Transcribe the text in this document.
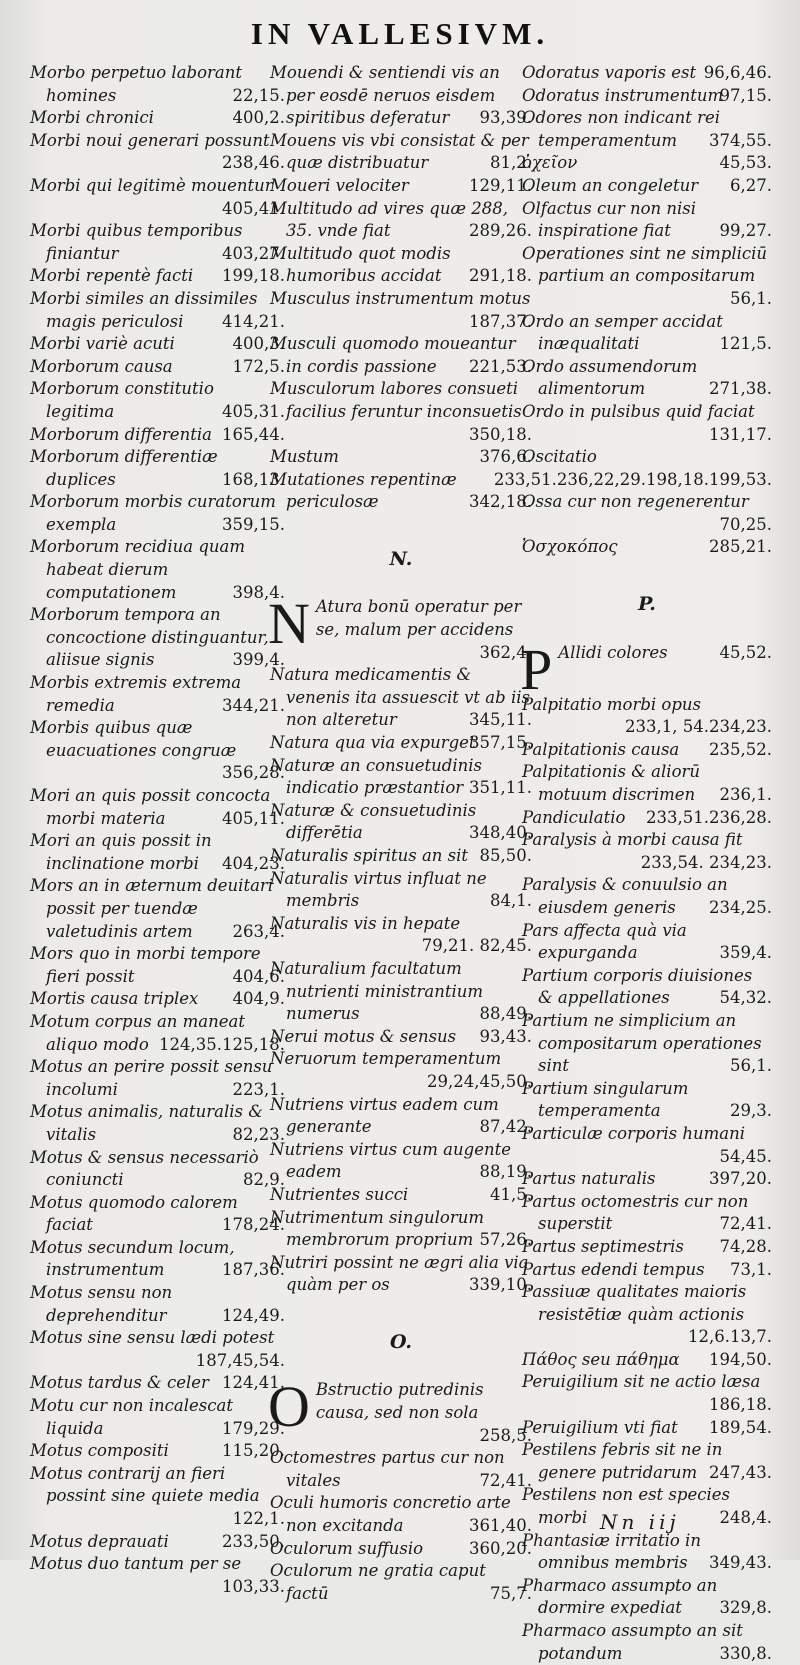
IN VALLESIVM.

Morbo perpetuo laborant homines	22,15.

Morbi chronici	400,2.

Morbi noui generari possunt
238,46.

Morbi qui legitimè mouentur
405,41.

Morbi quibus temporibus finiantur	403,27.

Morbi repentè facti 199,18.

Morbi similes an dissimiles magis periculosi 414,21.

Morbi variè acuti	400,3.

Morborum causa	172,5.

Morborum constitutio legitima	405,31.

Morborum differentia 165,44.

Morborum differentiæ duplices	168,13.

Morborum morbis curatorum exempla	359,15.

Morborum recidiua quam habeat dierum computationem	398,4.

Morborum tempora an concoctione distinguantur, aliisue signis	399,4.

Morbis extremis extrema remedia	344,21.

Morbis quibus quæ euacuationes congruæ
356,28.

Mori an quis possit concocta morbi materia	405,11.

Mori an quis possit in inclinatione morbi 404,23.

Mors an in æternum deuitari possit per tuendæ valetudinis artem 263,4.

Mors quo in morbi tempore fieri possit	404,6.

Mortis causa triplex 404,9.

Motum corpus an maneat aliquo modo 124,35.125,18.

Motus an perire possit sensu incolumi	223,1.

Motus animalis, naturalis & vitalis	82,23.

Motus & sensus necessariò coniuncti	82,9.

Motus quomodo calorem faciat	178,24.

Motus secundum locum, instrumentum	187,36.

Motus sensu non deprehenditur	124,49.

Motus sine sensu lædi potest
187,45,54.

Motus tardus & celer 124,41.

Motu cur non incalescat liquida	179,29.

Motus compositi	115,20.

Motus contrarij an fieri possint sine quiete media
122,1.

Motus deprauati	233,50.

Motus duo tantum per se
103,33.

Mouendi & sentiendi vis an per eosdē neruos eisdem spiritibus deferatur 93,39.

Mouens vis vbi consistat & per quæ distribuatur	81,2.

Moueri velociter	129,11.

Multitudo ad vires quæ 288, 35. vnde fiat	289,26.

Multitudo quot modis humoribus accidat 291,18.

Musculus instrumentum motus
187,37.

Musculi quomodo moueantur in cordis passione 221,53.

Musculorum labores consueti facilius feruntur inconsuetis
350,18.

Mustum	376,6.

Mutationes repentinæ periculosæ	342,18.

N.

N Atura bonū operatur per se, malum per accidens
362,4.

Natura medicamentis & venenis ita assuescit vt ab iis non alteretur	345,11.

Natura qua via expurget
357,15.

Naturæ an consuetudinis indicatio præstantior 351,11.

Naturæ & consuetudinis differētia	348,40.

Naturalis spiritus an sit 85,50.

Naturalis virtus influat ne membris	84,1.

Naturalis vis in hepate
79,21. 82,45.

Naturalium facultatum nutrienti ministrantium numerus	88,49.

Nerui motus & sensus 93,43.

Neruorum temperamentum
29,24,45,50.

Nutriens virtus eadem cum generante	87,42.

Nutriens virtus cum augente eadem	88,19.

Nutrientes succi	41,5.

Nutrimentum singulorum membrorum proprium 57,26.

Nutriri possint ne ægri alia via quàm per os	339,10.

O.

O Bstructio putredinis causa, sed non sola
258,5.

Octomestres partus cur non vitales	72,41.

Oculi humoris concretio arte non excitanda	361,40.

Oculorum suffusio	360,20.

Oculorum ne gratia caput factū	75,7.

Odoratus vaporis est 96,6,46.

Odoratus instrumentum
97,15.

Odores non indicant rei temperamentum 374,55.

ὀχεῖον	45,53.

Oleum an congeletur 6,27.

Olfactus cur non nisi inspiratione fiat	99,27.

Operationes sint ne simpliciū partium an compositarum
56,1.

Ordo an semper accidat inæqualitati	121,5.

Ordo assumendorum alimentorum	271,38.

Ordo in pulsibus quid faciat
131,17.

Oscitatio
233,51.236,22,29.198,18.199,53.

Ossa cur non regenerentur
70,25.

Ὀσχοκόπος	285,21.

P.

P Allidi colores	45,52.

Palpitatio morbi opus
233,1, 54.234,23.

Palpitationis causa 235,52.

Palpitationis & aliorū motuum discrimen 236,1.

Pandiculatio 233,51.236,28.

Paralysis à morbi causa fit
233,54. 234,23.

Paralysis & conuulsio an eiusdem generis 234,25.

Pars affecta quà via expurganda	359,4.

Partium corporis diuisiones & appellationes	54,32.

Partium ne simplicium an compositarum operationes sint	56,1.

Partium singularum temperamenta	29,3.

Particulæ corporis humani
54,45.

Partus naturalis	397,20.

Partus octomestris cur non superstit	72,41.

Partus septimestris 74,28.

Partus edendi tempus 73,1.

Passiuæ qualitates maioris resistētiæ quàm actionis
12,6.13,7.

Πάθος seu πάθημα 194,50.

Peruigilium sit ne actio læsa
186,18.

Peruigilium vti fiat 189,54.

Pestilens febris sit ne in genere putridarum 247,43.

Pestilens non est species morbi	248,4.

Phantasiæ irritatio in omnibus membris 349,43.

Pharmaco assumpto an dormire expediat 329,8.

Pharmaco assumpto an sit potandum	330,8.

Nn iij
